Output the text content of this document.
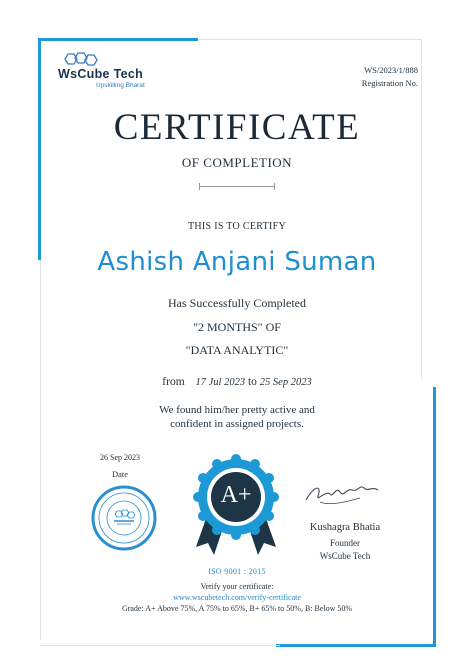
WsCube Tech
Upskilling Bharat
WS/2023/1/888
Registration No.
CERTIFICATE
OF COMPLETION
THIS IS TO CERTIFY
Ashish Anjani Suman
Has Successfully Completed
"2 MONTHS" OF
"DATA ANALYTIC"
from 17 Jul 2023 to 25 Sep 2023
We found him/her pretty active and
confident in assigned projects.
26 Sep 2023
Date
A+
Kushagra Bhatia
Founder
WsCube Tech
ISO 9001 : 2015
Verify your certificate:
www.wscubetech.com/verify-certificate
Grade: A+ Above 75%, A 75% to 65%, B+ 65% to 50%, B: Below 50%
